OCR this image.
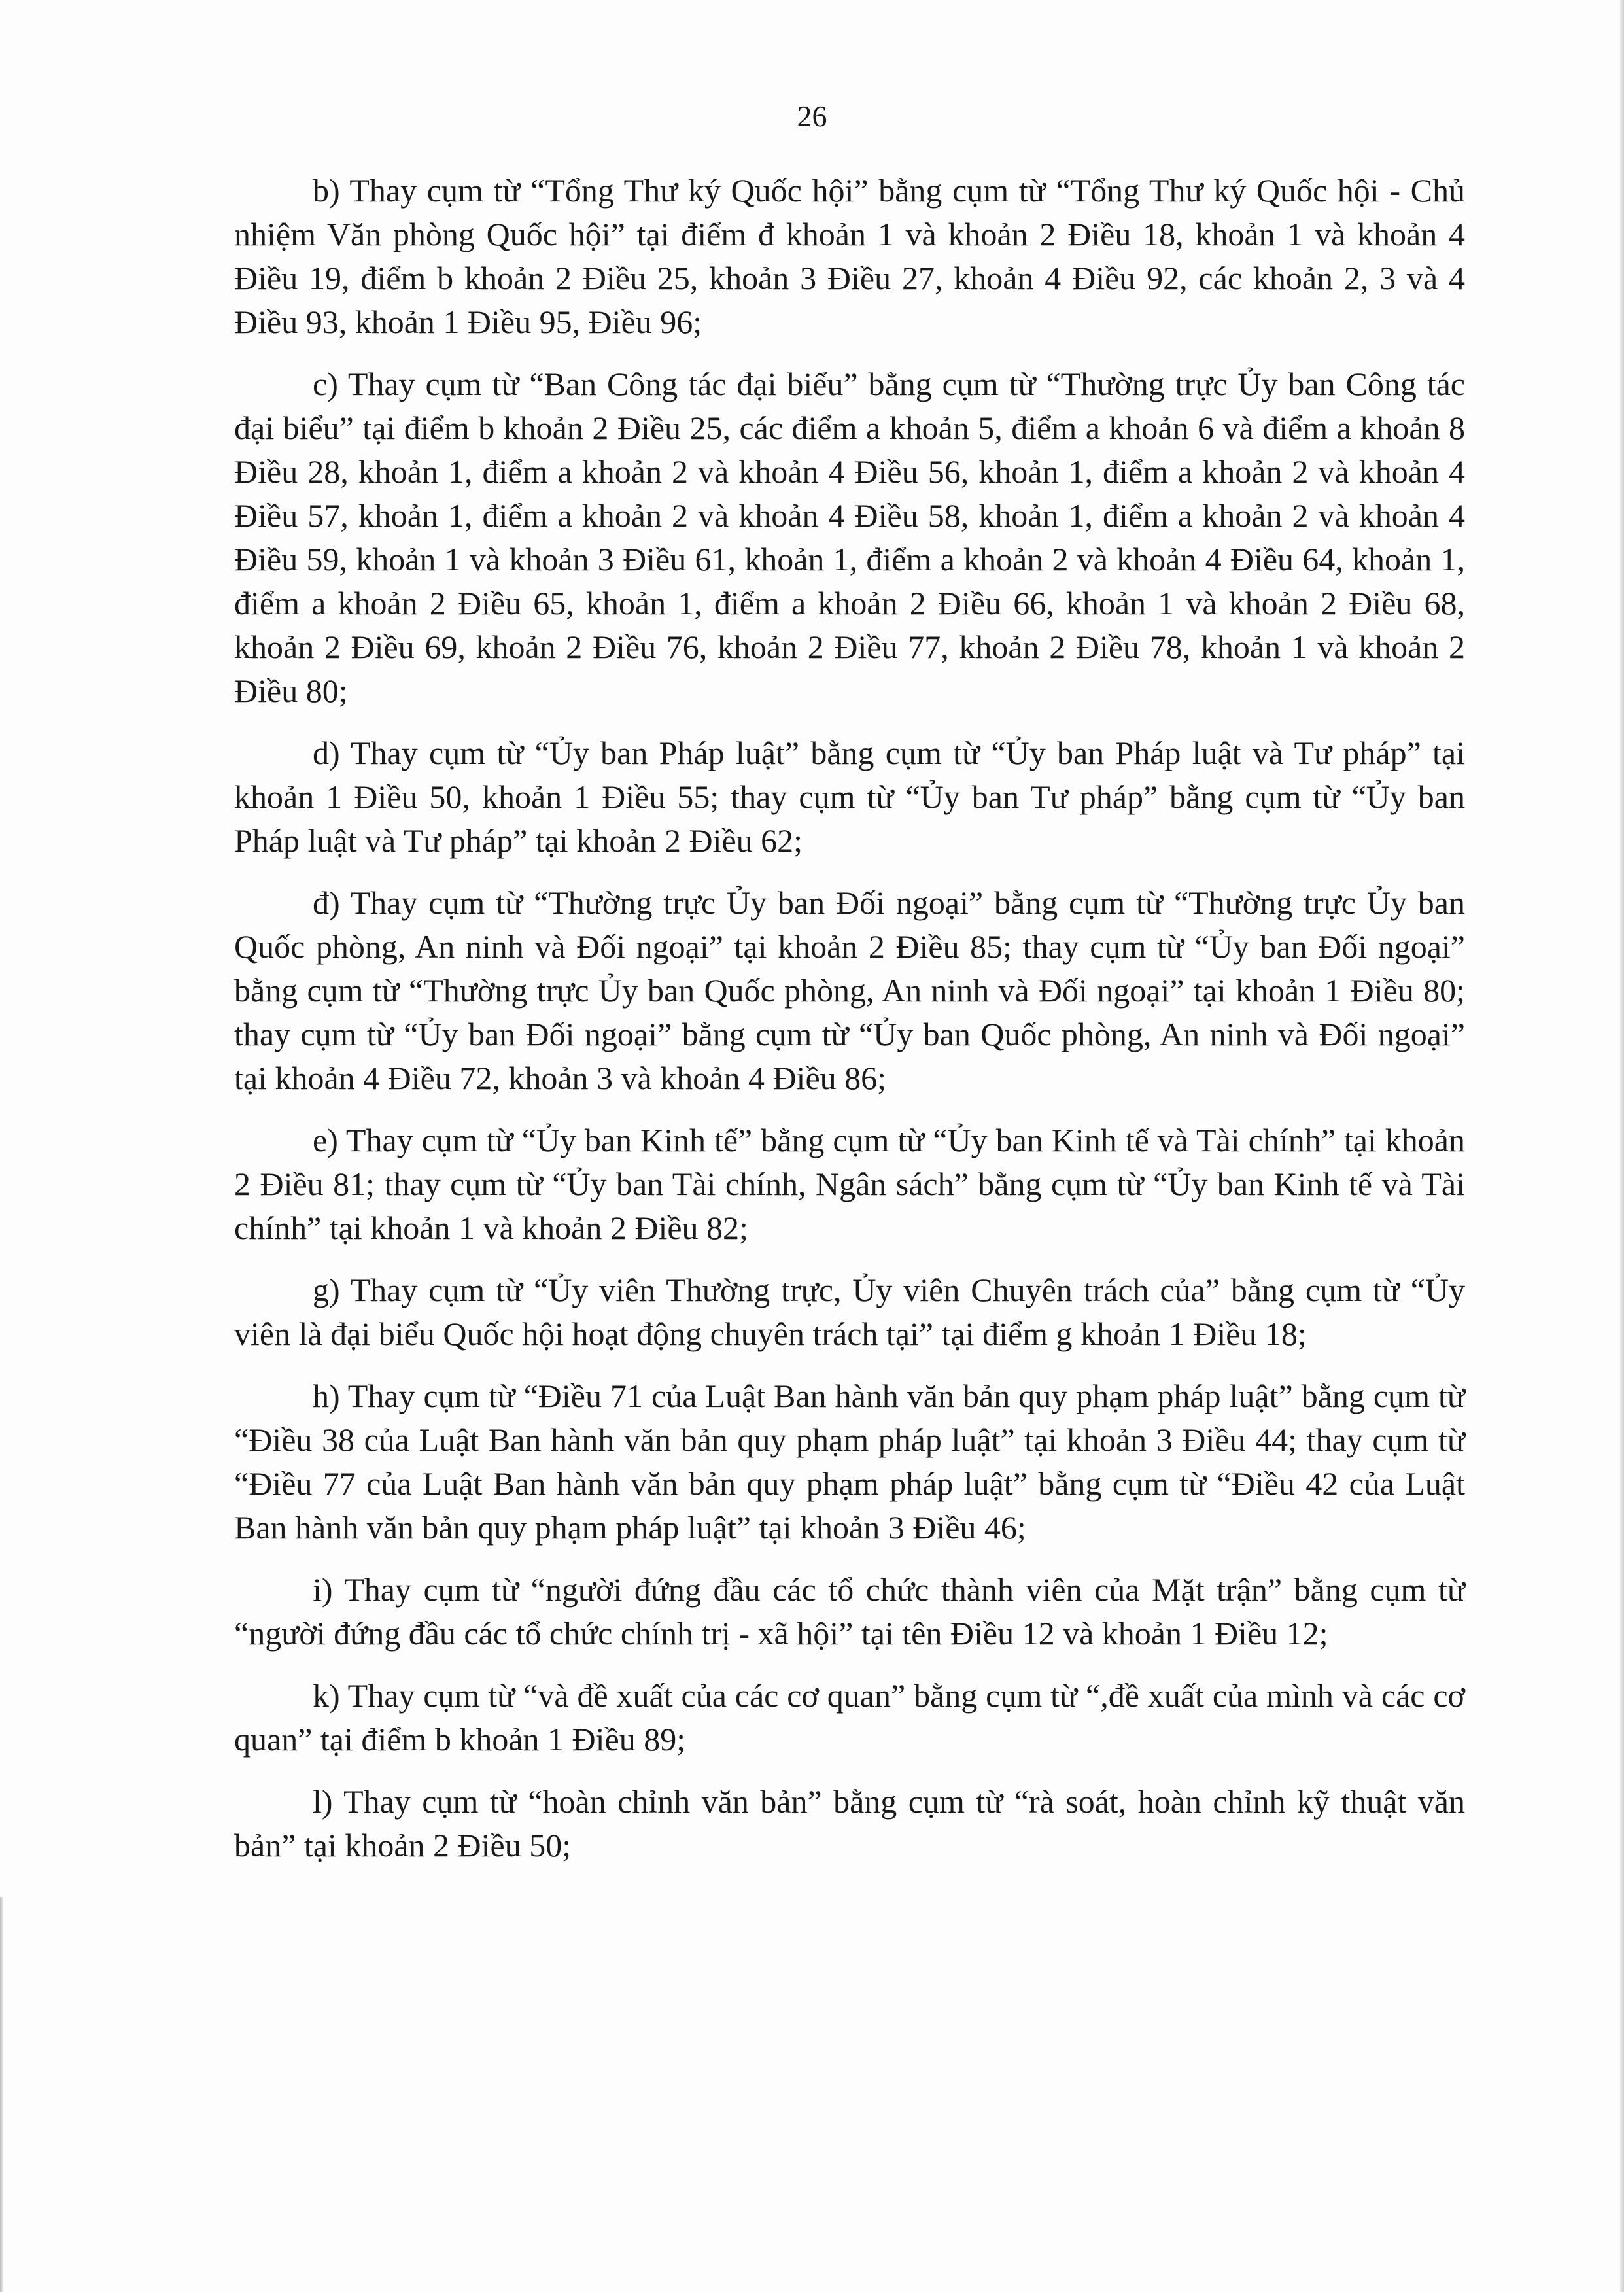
26

b) Thay cụm từ “Tổng Thư ký Quốc hội” bằng cụm từ “Tổng Thư ký Quốc hội - Chủ nhiệm Văn phòng Quốc hội” tại điểm đ khoản 1 và khoản 2 Điều 18, khoản 1 và khoản 4 Điều 19, điểm b khoản 2 Điều 25, khoản 3 Điều 27, khoản 4 Điều 92, các khoản 2, 3 và 4 Điều 93, khoản 1 Điều 95, Điều 96;

c) Thay cụm từ “Ban Công tác đại biểu” bằng cụm từ “Thường trực Ủy ban Công tác đại biểu” tại điểm b khoản 2 Điều 25, các điểm a khoản 5, điểm a khoản 6 và điểm a khoản 8 Điều 28, khoản 1, điểm a khoản 2 và khoản 4 Điều 56, khoản 1, điểm a khoản 2 và khoản 4 Điều 57, khoản 1, điểm a khoản 2 và khoản 4 Điều 58, khoản 1, điểm a khoản 2 và khoản 4 Điều 59, khoản 1 và khoản 3 Điều 61, khoản 1, điểm a khoản 2 và khoản 4 Điều 64, khoản 1, điểm a khoản 2 Điều 65, khoản 1, điểm a khoản 2 Điều 66, khoản 1 và khoản 2 Điều 68, khoản 2 Điều 69, khoản 2 Điều 76, khoản 2 Điều 77, khoản 2 Điều 78, khoản 1 và khoản 2 Điều 80;

d) Thay cụm từ “Ủy ban Pháp luật” bằng cụm từ “Ủy ban Pháp luật và Tư pháp” tại khoản 1 Điều 50, khoản 1 Điều 55; thay cụm từ “Ủy ban Tư pháp” bằng cụm từ “Ủy ban Pháp luật và Tư pháp” tại khoản 2 Điều 62;

đ) Thay cụm từ “Thường trực Ủy ban Đối ngoại” bằng cụm từ “Thường trực Ủy ban Quốc phòng, An ninh và Đối ngoại” tại khoản 2 Điều 85; thay cụm từ “Ủy ban Đối ngoại” bằng cụm từ “Thường trực Ủy ban Quốc phòng, An ninh và Đối ngoại” tại khoản 1 Điều 80; thay cụm từ “Ủy ban Đối ngoại” bằng cụm từ “Ủy ban Quốc phòng, An ninh và Đối ngoại” tại khoản 4 Điều 72, khoản 3 và khoản 4 Điều 86;

e) Thay cụm từ “Ủy ban Kinh tế” bằng cụm từ “Ủy ban Kinh tế và Tài chính” tại khoản 2 Điều 81; thay cụm từ “Ủy ban Tài chính, Ngân sách” bằng cụm từ “Ủy ban Kinh tế và Tài chính” tại khoản 1 và khoản 2 Điều 82;

g) Thay cụm từ “Ủy viên Thường trực, Ủy viên Chuyên trách của” bằng cụm từ “Ủy viên là đại biểu Quốc hội hoạt động chuyên trách tại” tại điểm g khoản 1 Điều 18;

h) Thay cụm từ “Điều 71 của Luật Ban hành văn bản quy phạm pháp luật” bằng cụm từ “Điều 38 của Luật Ban hành văn bản quy phạm pháp luật” tại khoản 3 Điều 44; thay cụm từ “Điều 77 của Luật Ban hành văn bản quy phạm pháp luật” bằng cụm từ “Điều 42 của Luật Ban hành văn bản quy phạm pháp luật” tại khoản 3 Điều 46;

i) Thay cụm từ “người đứng đầu các tổ chức thành viên của Mặt trận” bằng cụm từ “người đứng đầu các tổ chức chính trị - xã hội” tại tên Điều 12 và khoản 1 Điều 12;

k) Thay cụm từ “và đề xuất của các cơ quan” bằng cụm từ “,đề xuất của mình và các cơ quan” tại điểm b khoản 1 Điều 89;

l) Thay cụm từ “hoàn chỉnh văn bản” bằng cụm từ “rà soát, hoàn chỉnh kỹ thuật văn bản” tại khoản 2 Điều 50;
